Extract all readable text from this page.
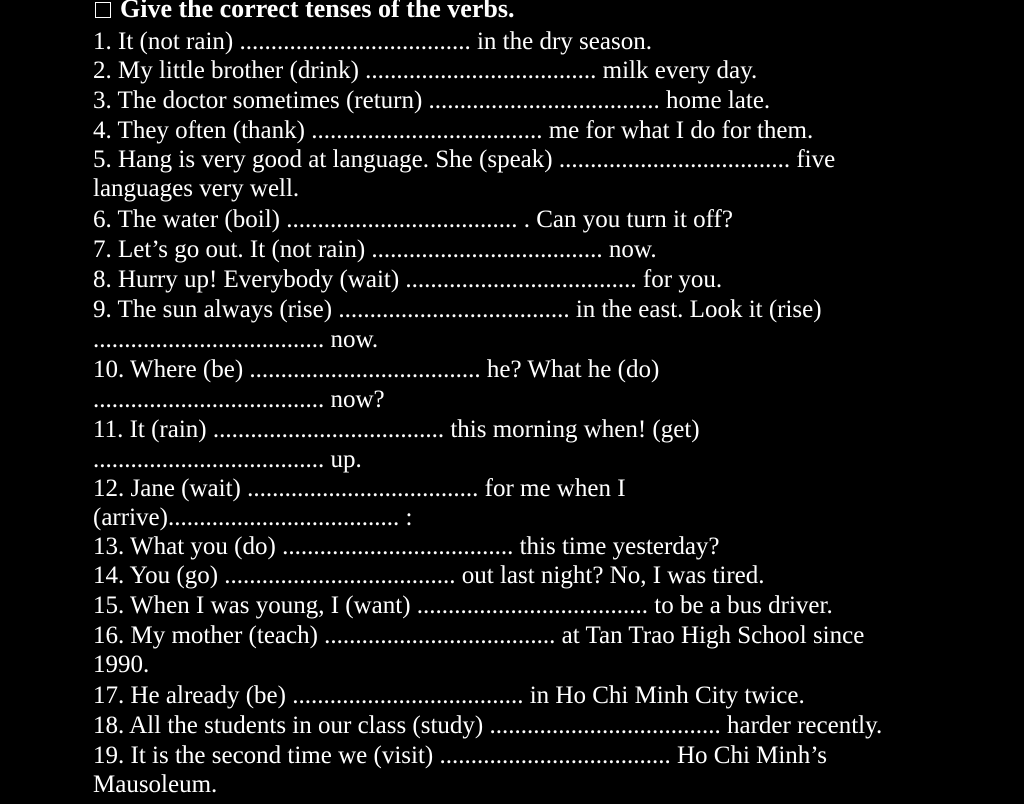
Give the correct tenses of the verbs.
1. It (not rain) ..................................... in the dry season.
2. My little brother (drink) ..................................... milk every day.
3. The doctor sometimes (return) ..................................... home late.
4. They often (thank) ..................................... me for what I do for them.
5. Hang is very good at language. She (speak) ..................................... five
languages very well.
6. The water (boil) ..................................... . Can you turn it off?
7. Let’s go out. It (not rain) ..................................... now.
8. Hurry up! Everybody (wait) ..................................... for you.
9. The sun always (rise) ..................................... in the east. Look it (rise)
..................................... now.
10. Where (be) ..................................... he? What he (do)
..................................... now?
11. It (rain) ..................................... this morning when! (get)
..................................... up.
12. Jane (wait) ..................................... for me when I
(arrive)..................................... :
13. What you (do) ..................................... this time yesterday?
14. You (go) ..................................... out last night? No, I was tired.
15. When I was young, I (want) ..................................... to be a bus driver.
16. My mother (teach) ..................................... at Tan Trao High School since
1990.
17. He already (be) ..................................... in Ho Chi Minh City twice.
18. All the students in our class (study) ..................................... harder recently.
19. It is the second time we (visit) ..................................... Ho Chi Minh’s
Mausoleum.
